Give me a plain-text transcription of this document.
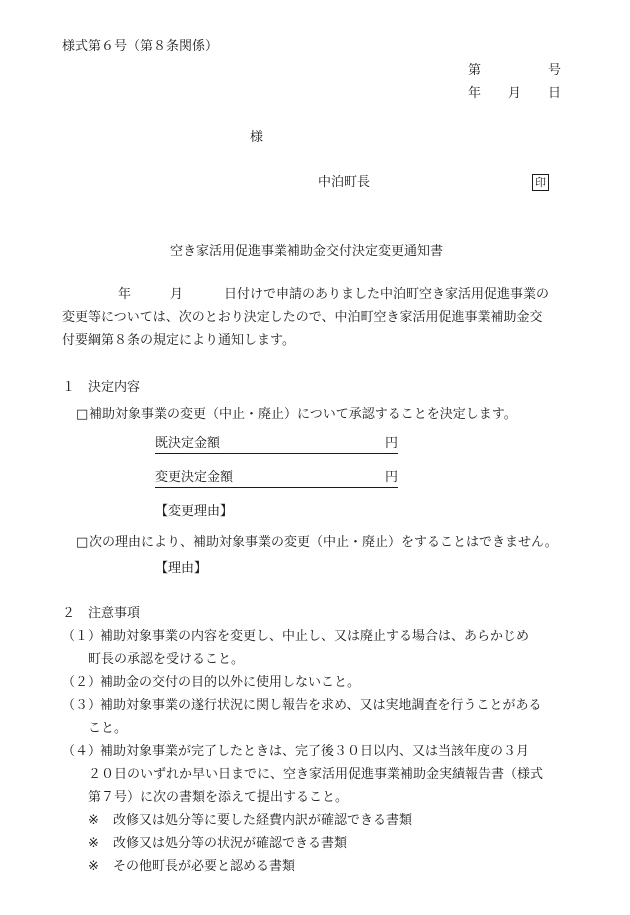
様式第６号（第８条関係）
第	号
年 月 日
様
中泊町長	印
空き家活用促進事業補助金交付決定変更通知書
年	月	日付けで申請のありました中泊町空き家活用促進事業の
変更等については、次のとおり決定したので、中泊町空き家活用促進事業補助金交
付要綱第８条の規定により通知します。
１　決定内容
□ 補助対象事業の変更（中止・廃止）について承認することを決定します。
既決定金額	円
変更決定金額	円
【変更理由】
□ 次の理由により、補助対象事業の変更（中止・廃止）をすることはできません。
【理由】
２　注意事項
（１）
補助対象事業の内容を変更し、中止し、又は廃止する場合は、あらかじめ
町長の承認を受けること。
（２）
補助金の交付の目的以外に使用しないこと。
（３）
補助対象事業の遂行状況に関し報告を求め、又は実地調査を行うことがある
こと。
（４）
補助対象事業が完了したときは、完了後３０日以内、又は当該年度の３月
２０日のいずれか早い日までに、空き家活用促進事業補助金実績報告書（様式
第７号）に次の書類を添えて提出すること。
※ 改修又は処分等に要した経費内訳が確認できる書類
※ 改修又は処分等の状況が確認できる書類
※ その他町長が必要と認める書類
